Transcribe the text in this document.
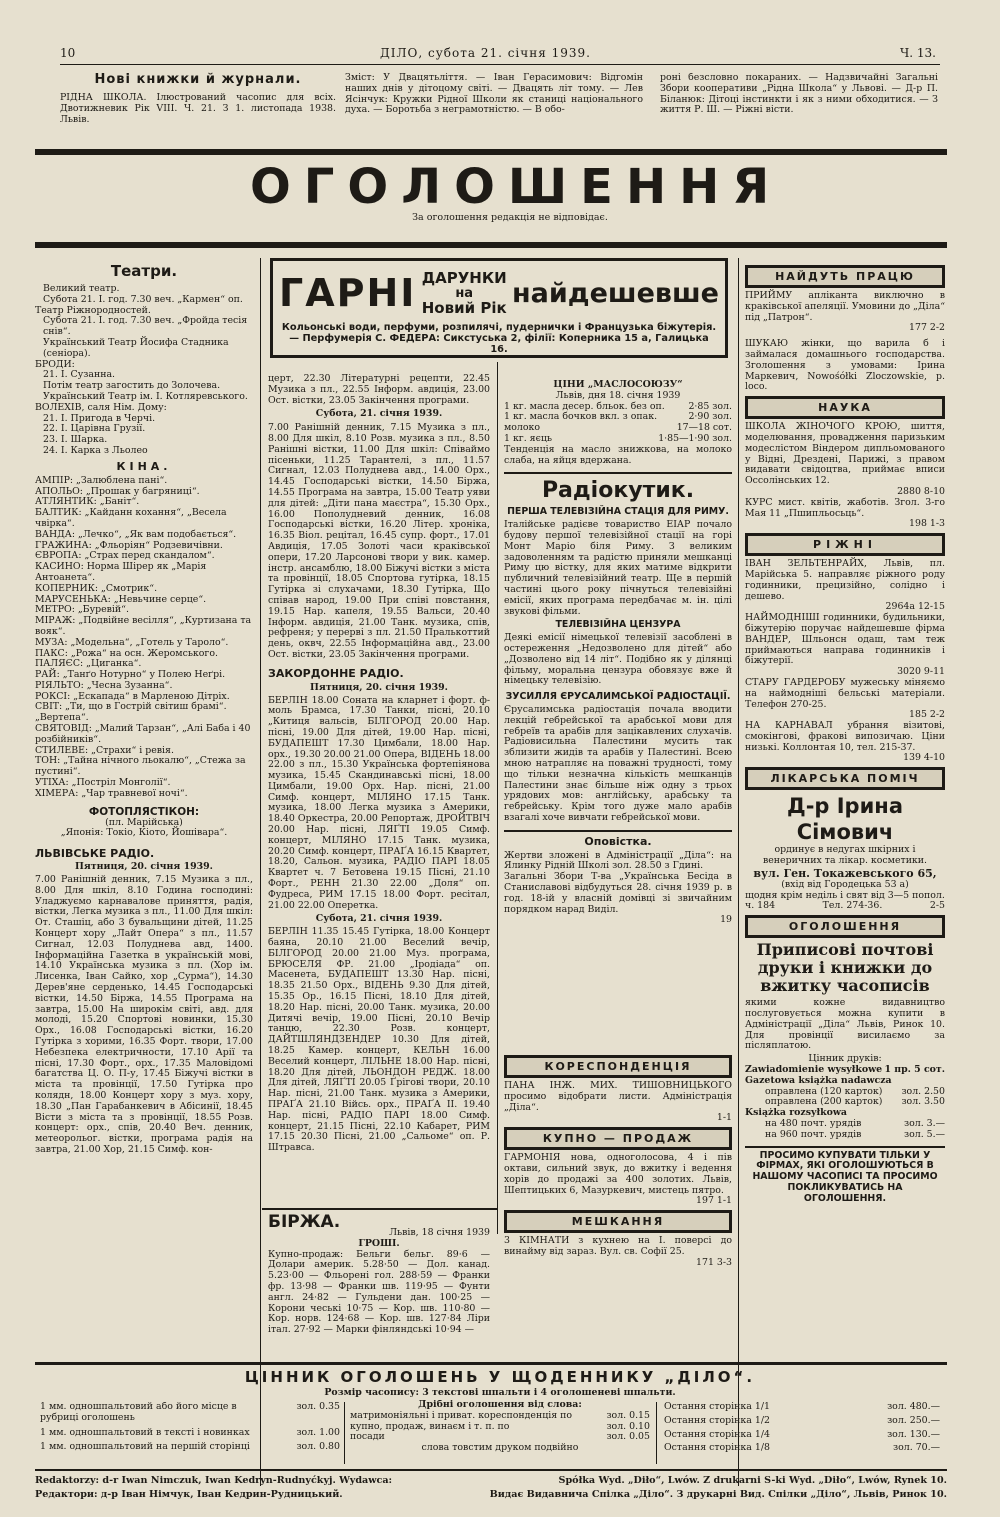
10	ДІЛО, субота 21. січня 1939.	Ч. 13.
Нові книжки й журнали.
РІДНА ШКОЛА. Ілюстрований часопис для всіх. Двотижневик Рік VIII. Ч. 21. З 1. листопада 1938. Львів.
Зміст: У Двацятьліття. — Іван Герасимович: Відгомін наших днів у дітоцому світі. — Двацять літ тому. — Лев Ясінчук: Кружки Рідної Школи як станиці національного духа. — Боротьба з неграмотністю. — В обо-
роні безсловно покараних. — Надзвичайні Загальні Збори кооперативи „Рідна Школа“ у Львові. — Д-р П. Біланюк: Дітоці інстинкти і як з ними обходитися. — З життя Р. Ш. — Ріжні вісти.
ОГОЛОШЕННЯ
За оголошення редакція не відповідає.
Театри.
Великий театр.
Субота 21. І. год. 7.30 веч. „Кармен“ оп.
Театр Ріжнородностей.
Субота 21. І. год. 7.30 веч. „Фройда тесія снів“.
Український Театр Йосифа Стадника (сеніора).
БРОДИ:
21. І. Сузанна.
Потім театр загостить до Золочева.
Український Театр ім. І. Котляревського.
ВОЛЕХІВ, саля Нім. Дому:
21. І. Пригода в Черчі.
22. І. Царівна Грузії.
23. І. Шарка.
24. І. Карка з Льолео
КІНА.
АМПІР: „Залюблена пані“.
АПОЛЬО: „Прошак у багряниці“.
АТЛЯНТИК: „Баніт“.
БАЛТИК: „Кайданн кохання“, „Весела чвірка“.
ВАНДА: „Лечко“, „Як вам подобається“.
ГРАЖИНА: „Фльоріян“ Родзевичівни.
ЄВРОПА: „Страх перед скандалом“.
КАСИНО: Норма Шірер як „Марія Антоанета“.
КОПЕРНИК: „Смотрик“.
МАРУСЕНЬКА: „Невьчине серце“.
МЕТРО: „Буревій“.
МІРАЖ: „Подвійне весілля“, „Куртизана та вояк“.
МУЗА: „Модельна“, „Готель у Тароло“.
ПАКС: „Рожа“ на осн. Жеромського.
ПАЛЯЄС: „Циганка“.
РАЙ: „Танґо Нотурно“ у Полею Неґрі.
РІЯЛЬТО: „Чесна Зузанна“.
РОКСІ: „Ескапада“ в Марленою Дітріх.
СВІТ: „Ти, що в Гострій світиш брамі“. „Вертепа“.
СВЯТОВІД: „Малий Тарзан“, „Алі Баба і 40 розбійників“.
СТИЛЕВЕ: „Страхи“ і ревія.
ТОН: „Тайна нічного льокалю“, „Стежа за пустині“.
УТІХА: „Постріл Монголії“.
ХІМЕРА: „Чар травневої ночі“.
ФОТОПЛЯСТІКОН:
(пл. Марійська)
„Японія: Токіо, Кіото, Йошівара“.
ЛЬВІВСЬКЕ РАДІО.
Пятниця, 20. січня 1939.
7.00 Ранішній денник, 7.15 Музика з пл., 8.00 Для шкіл, 8.10 Година господині: Уладжуємо карнавалове приняття, радія, вістки, Легка музика з пл., 11.00 Для шкіл: От. Сташіц, або 3 бувальщини дітей, 11.25 Концерт хору „Лайт Опера“ з пл., 11.57 Сигнал, 12.03 Полуднева авд, 1400. Інформаційна Газетка в українській мові, 14.10 Українська музика з пл. (Хор ім. Лисенка, Іван Сайко, хор „Сурма“), 14.30 Дерев'яне серденько, 14.45 Господарські вістки, 14.50 Біржа, 14.55 Програма на завтра, 15.00 На широкім світі, авд. для молоді, 15.20 Спортові новинки, 15.30 Орх., 16.08 Господарські вістки, 16.20 Гутірка з хорими, 16.35 Форт. твори, 17.00 Небезпека електричности, 17.10 Арії та пісні, 17.30 Форт., орх., 17.35 Маловідомі багатства Ц. О. П-у, 17.45 Біжучі вістки в міста та провінції, 17.50 Гутірка про колядн, 18.00 Концерт хору з муз. хору, 18.30 „Пан Гарабанкевич в Абісинії, 18.45 Вісти з міста та з провінції, 18.55 Розв. концерт: орх., спів, 20.40 Веч. денник, метеорольог. вістки, програма радія на завтра, 21.00 Хор, 21.15 Симф. кон-
ГАРНІ ДАРУНКИ
на
Новий Рік найдешевше
Кольонські води, перфуми, розпилячі, пудернички і Французька біжутерія. — Перфумерія С. ФЕДЕРА: Сикстуська 2, філії: Коперника 15 а, Галицька 16.
церт, 22.30 Літературні рецепти, 22.45 Музика з пл., 22.55 Інформ. авдиція, 23.00 Ост. вістки, 23.05 Закінчення програми.
Субота, 21. січня 1939.
7.00 Ранішній денник, 7.15 Музика з пл., 8.00 Для шкіл, 8.10 Розв. музика з пл., 8.50 Ранішні вістки, 11.00 Для шкіл: Співаймо пісеньки, 11.25 Тарантелі, з пл., 11.57 Сигнал, 12.03 Полуднева авд., 14.00 Орх., 14.45 Господарські вістки, 14.50 Біржа, 14.55 Програма на завтра, 15.00 Театр уяви для дітей: „Діти пана маєстра“, 15.30 Орх., 16.00 Пополудневий денник, 16.08 Господарські вістки, 16.20 Літер. хроніка, 16.35 Віол. рецітал, 16.45 супр. форт., 17.01 Авдиція, 17.05 Золоті часи краківської опери, 17.20 Ларсонові твори у вик. камер. інстр. ансамблю, 18.00 Біжучі вістки з міста та провінції, 18.05 Спортова гутірка, 18.15 Гутірка зі слухачами, 18.30 Гутірка, Що співав народ, 19.00 При співі повстання, 19.15 Нар. капеля, 19.55 Вальси, 20.40 Інформ. авдиція, 21.00 Танк. музика, спів, рефреня; у перерві з пл. 21.50 Пралькоттий день, оквч, 22.55 Інформаційна авд., 23.00 Ост. вістки, 23.05 Закінчення програми.
ЗАКОРДОННЕ РАДІО.
Пятниця, 20. січня 1939.
БЕРЛІН 18.00 Соната на кларнет і форт. ф-моль Брамса, 17.30 Танки, пісні, 20.10 „Китиця вальсів, БІЛГОРОД 20.00 Нар. пісні, 19.00 Для дітей, 19.00 Нар. пісні, БУДАПЕШТ 17.30 Цимбали, 18.00 Нар. орх., 19.30 20.00 21.00 Опера, ВІДЕНЬ 18.00 22.00 з пл., 15.30 Українська фортепіянова музика, 15.45 Скандинавські пісні, 18.00 Цимбали, 19.00 Орх. Нар. пісні, 21.00 Симф. концерт, МІЛЯНО 17.15 Танк. музика, 18.00 Легка музика з Америки, 18.40 Оркестра, 20.00 Репортаж, ДРОЙТВІЧ 20.00 Нар. пісні, ЛЯҐТІ 19.05 Симф. концерт, МІЛЯНО 17.15 Танк. музика, 20.20 Симф. концерт, ПРАҐА 16.15 Квартет, 18.20, Сальон. музика, РАДІО ПАРІ 18.05 Квартет ч. 7 Бетовена 19.15 Пісні, 21.10 Форт., РЕНН 21.30 22.00 „Доля“ оп. Фудреса, РИМ 17.15 18.00 Форт. ресітал, 21.00 22.00 Оперетка.
Субота, 21. січня 1939.
БЕРЛІН 11.35 15.45 Гутірка, 18.00 Концерт баяна, 20.10 21.00 Веселий вечір, БІЛГОРОД 20.00 21.00 Муз. програма, БРЮСЕЛЯ ФР. 21.00 „Іродіада“ оп. Масенета, БУДАПЕШТ 13.30 Нар. пісні, 18.35 21.50 Орх., ВІДЕНЬ 9.30 Для дітей, 15.35 Ор., 16.15 Пісні, 18.10 Для дітей, 18.20 Нар. пісні, 20.00 Танк. музика, 20.00 Дитячі вечір, 19.00 Пісні, 20.10 Вечір танцю, 22.30 Розв. концерт, ДАЙТШЛЯНДЗЕНДЕР 10.30 Для дітей, 18.25 Камер. концерт, КЕЛЬН 16.00 Веселий концерт, ЛІЛЬНЕ 18.00 Нар. пісні, 18.20 Для дітей, ЛЬОНДОН РЕДЖ. 18.00 Для дітей, ЛЯҐТІ 20.05 Ґрігові твори, 20.10 Нар. пісні, 21.00 Танк. музика з Америки, ПРАҐА 21.10 Війсь. орх., ПРАҐА ІІ. 19.40 Нар. пісні, РАДІО ПАРІ 18.00 Симф. концерт, 21.15 Пісні, 22.10 Кабарет, РИМ 17.15 20.30 Пісні, 21.00 „Сальоме“ оп. Р. Штравса.
БІРЖА.
Львів, 18 січня 1939
ГРОШІ.
Купно-продаж: Бельги бельг. 89·6 — Долари америк. 5.28·50 — Дол. канад. 5.23·00 — Фльорені гол. 288·59 — Франки фр. 13·98 — Франки шв. 119·95 — Фунти англ. 24·82 — Гульдени дан. 100·25 — Корони чеські 10·75 — Кор. шв. 110·80 — Кор. норв. 124·68 — Кор. шв. 127·84 Ліри італ. 27·92 — Марки фінляндські 10·94 —
ЦІНИ „МАСЛОСОЮЗУ“
Львів, дня 18. січня 1939
1 кг. масла десер. бльок. без оп.	2·85 зол.
1 кг. масла бочков вкл. з опак.	2·90 зол.
молоко	17—18 сот.
1 кг. яєць	1·85—1·90 зол.
Тенденція на масло знижкова, на молоко слаба, на яйця вдержана.
Радіокутик.
ПЕРША ТЕЛЕВІЗІЙНА СТАЦІЯ ДЛЯ РИМУ.
Італійське радієве товариство ЕІАР почало будову першої телевізійної стації на горі Монт Маріо біля Риму. З великим задоволенням та радістю приняли мешканці Риму цю вістку, для яких матиме відкрити публичний телевізійний театр. Ще в першій частині цього року пічнуться телевізійні емісії, яких програма передбачає м. ін. цілі звукові фільми.
ТЕЛЕВІЗІЙНА ЦЕНЗУРА
Деякі емісії німецької телевізії засоблені в остереження „Недозволено для дітей“ або „Дозволено від 14 літ“. Подібно як у ділянці фільму, моральна цензура обовязує вже й німецьку телевізію.
ЗУСИЛЛЯ ЄРУСАЛИМСЬКОЇ РАДІОСТАЦІЇ.
Єрусалимська радіостація почала вводити лекцій гебрейської та арабської мови для гебреїв та арабів для зацікавлених слухачів. Радіовисильна Палестини мусить так зблизити жидів та арабів у Палестині. Всею мною натрапляє на поважні трудності, тому що тільки незначна кількість мешканців Палестини знає більше ніж одну з трьох урядових мов: англійську, арабську та гебрейську. Крім того дуже мало арабів взагалі хоче вивчати гебрейської мови.
Оповістка.
Жертви зложені в Адміністрації „Діла“: на Ялинку Рідній Школі зол. 28.50 з Гдині.
Загальні Збори Т-ва „Українська Бесіда в Станиславові відбудуться 28. січня 1939 р. в год. 18-ій у власній домівці зі звичайним порядком нарад Видiл.
19
КОРЕСПОНДЕНЦІЯ
ПАНА ІНЖ. МИХ. ТИШОВНИЦЬКОГО просимо відобрати листи. Адміністрація „Діла“.
1-1
КУПНО — ПРОДАЖ
ГАРМОНІЯ нова, одноголосова, 4 і пів октави, сильний звук, до вжитку і ведення хорів до продажі за 400 золотих. Львів, Шептицьких 6, Мазуркевич, мистець пятро.
197 1-1
МЕШКАННЯ
3 КІМНАТИ з кухнею на І. поверсі до винайму від зараз. Вул. св. Софії 25.
171 3-3
НАЙДУТЬ ПРАЦЮ
ПРИЙМУ аплікантa виключно в краківської апеляції. Умовини до „Діла“ під „Патрон“.
177 2-2
ШУКАЮ жінки, що варила б і займалася домашнього господарства. Зголошення з умовами: Ірина Маркевич, Nowośółki Zloczowskie, p. loco.
НАУКА
ШКОЛА ЖІНОЧОГО КРОЮ, шиття, моделювання, провадження паризьким модеслістом Віндером дипльомованого у Відні, Дрездені, Парижі, з правом видавати свідоцтва, приймає вписи Оссолінських 12.
2880 8-10
КУРС мист. квітів, жаботів. Згол. 3-го Мая 11 „Пшипльосьць“.
198 1-3
РІЖНІ
ІВАН ЗЕЛЬТЕНРАЙХ, Львів, пл. Марійська 5. направляє ріжного роду годинники, прецизійно, солідно і дешево.
2964a 12-15
НАЙМОДНІШІ годинники, будильники, біжутерію поручає найдешевше фірма ВАНДЕР, Шльонсн одаш, там теж приймаються направа годинників і біжутерії.
3020 9-11
СТАРУ ГАРДЕРОБУ мужеську міняємо на наймодніші бельські матеріали. Телефон 270-25.
185 2-2
НА КАРНАВАЛ убрання візитові, смокінгові, фракові випозичаю. Ціни низькі. Коллонтая 10, тел. 215-37.
139 4-10
ЛІКАРСЬКА ПОМІЧ
Д-р Ірина Сімович
ординує в недугах шкірних і венеричних та лікар. косметики.
вул. Ген. Токажевського 65,
(вхід від Городецька 53 а)
щодня крім неділь і свят від 3—5 попол.
ч. 184	Тел. 274-36.	2-5
ОГОЛОШЕННЯ
Приписові почтові друки і книжки до вжитку часописів
якими кожне видавництво послуговується можна купити в Адміністрації „Діла“ Львів, Ринок 10. Для провінції висилаємо за післяплатою.
Цінник друків:
Zawiadomienie wysyłkowe 1 пр. 5 сот.
Gazetowa książka nadawcza
оправлена (120 карток) зол. 2.50
оправлена (200 карток) зол. 3.50
Książka rozsyłkowa
на 480 почт. урядів	зол. 3.—
на 960 почт. урядів	зол. 5.—
ПРОСИМО КУПУВАТИ ТІЛЬКИ У ФІРМАХ, ЯКІ ОГОЛОШУЮТЬСЯ В НАШОМУ ЧАСОПИСІ ТА ПРОСИМО ПОКЛИКУВАТИСЬ НА ОГОЛОШЕННЯ.
ЦІННИК ОГОЛОШЕНЬ У ЩОДЕННИКУ „ДІЛО“.
Розмір часопису: 3 текстові шпальти і 4 оголошеневі шпальти.
1 мм. одношпальтовий або його місце в рубриці оголошень
зол. 0.35
1 мм. одношпальтовий в тексті і новинках	зол. 1.00
1 мм. одношпальтовий на першій сторінці	зол. 0.80
Дрібні оголошення від слова:
матримоніяльні і приват. кореспонденція по	зол. 0.15
купно, продаж, винаєм і т. п. по	зол. 0.10
посади	зол. 0.05
слова товстим друком подвійно
Остання сторінка 1/1	зол. 480.—
Остання сторінка 1/2	зол. 250.—
Остання сторінка 1/4	зол. 130.—
Остання сторінка 1/8	зол. 70.—
Redaktorzy: d-r Iwan Nimczuk, Iwan Kedryn-Rudnyćkyj. Wydawca:	Spółka Wyd. „Diło“, Lwów. Z drukarni S-ki Wyd. „Diło“, Lwów, Rynek 10.
Редактори: д-р Іван Німчук, Іван Кедрин-Рудницький.	Видає Видавнича Спілка „Діло“. З друкарні Вид. Спілки „Діло“, Львів, Ринок 10.
